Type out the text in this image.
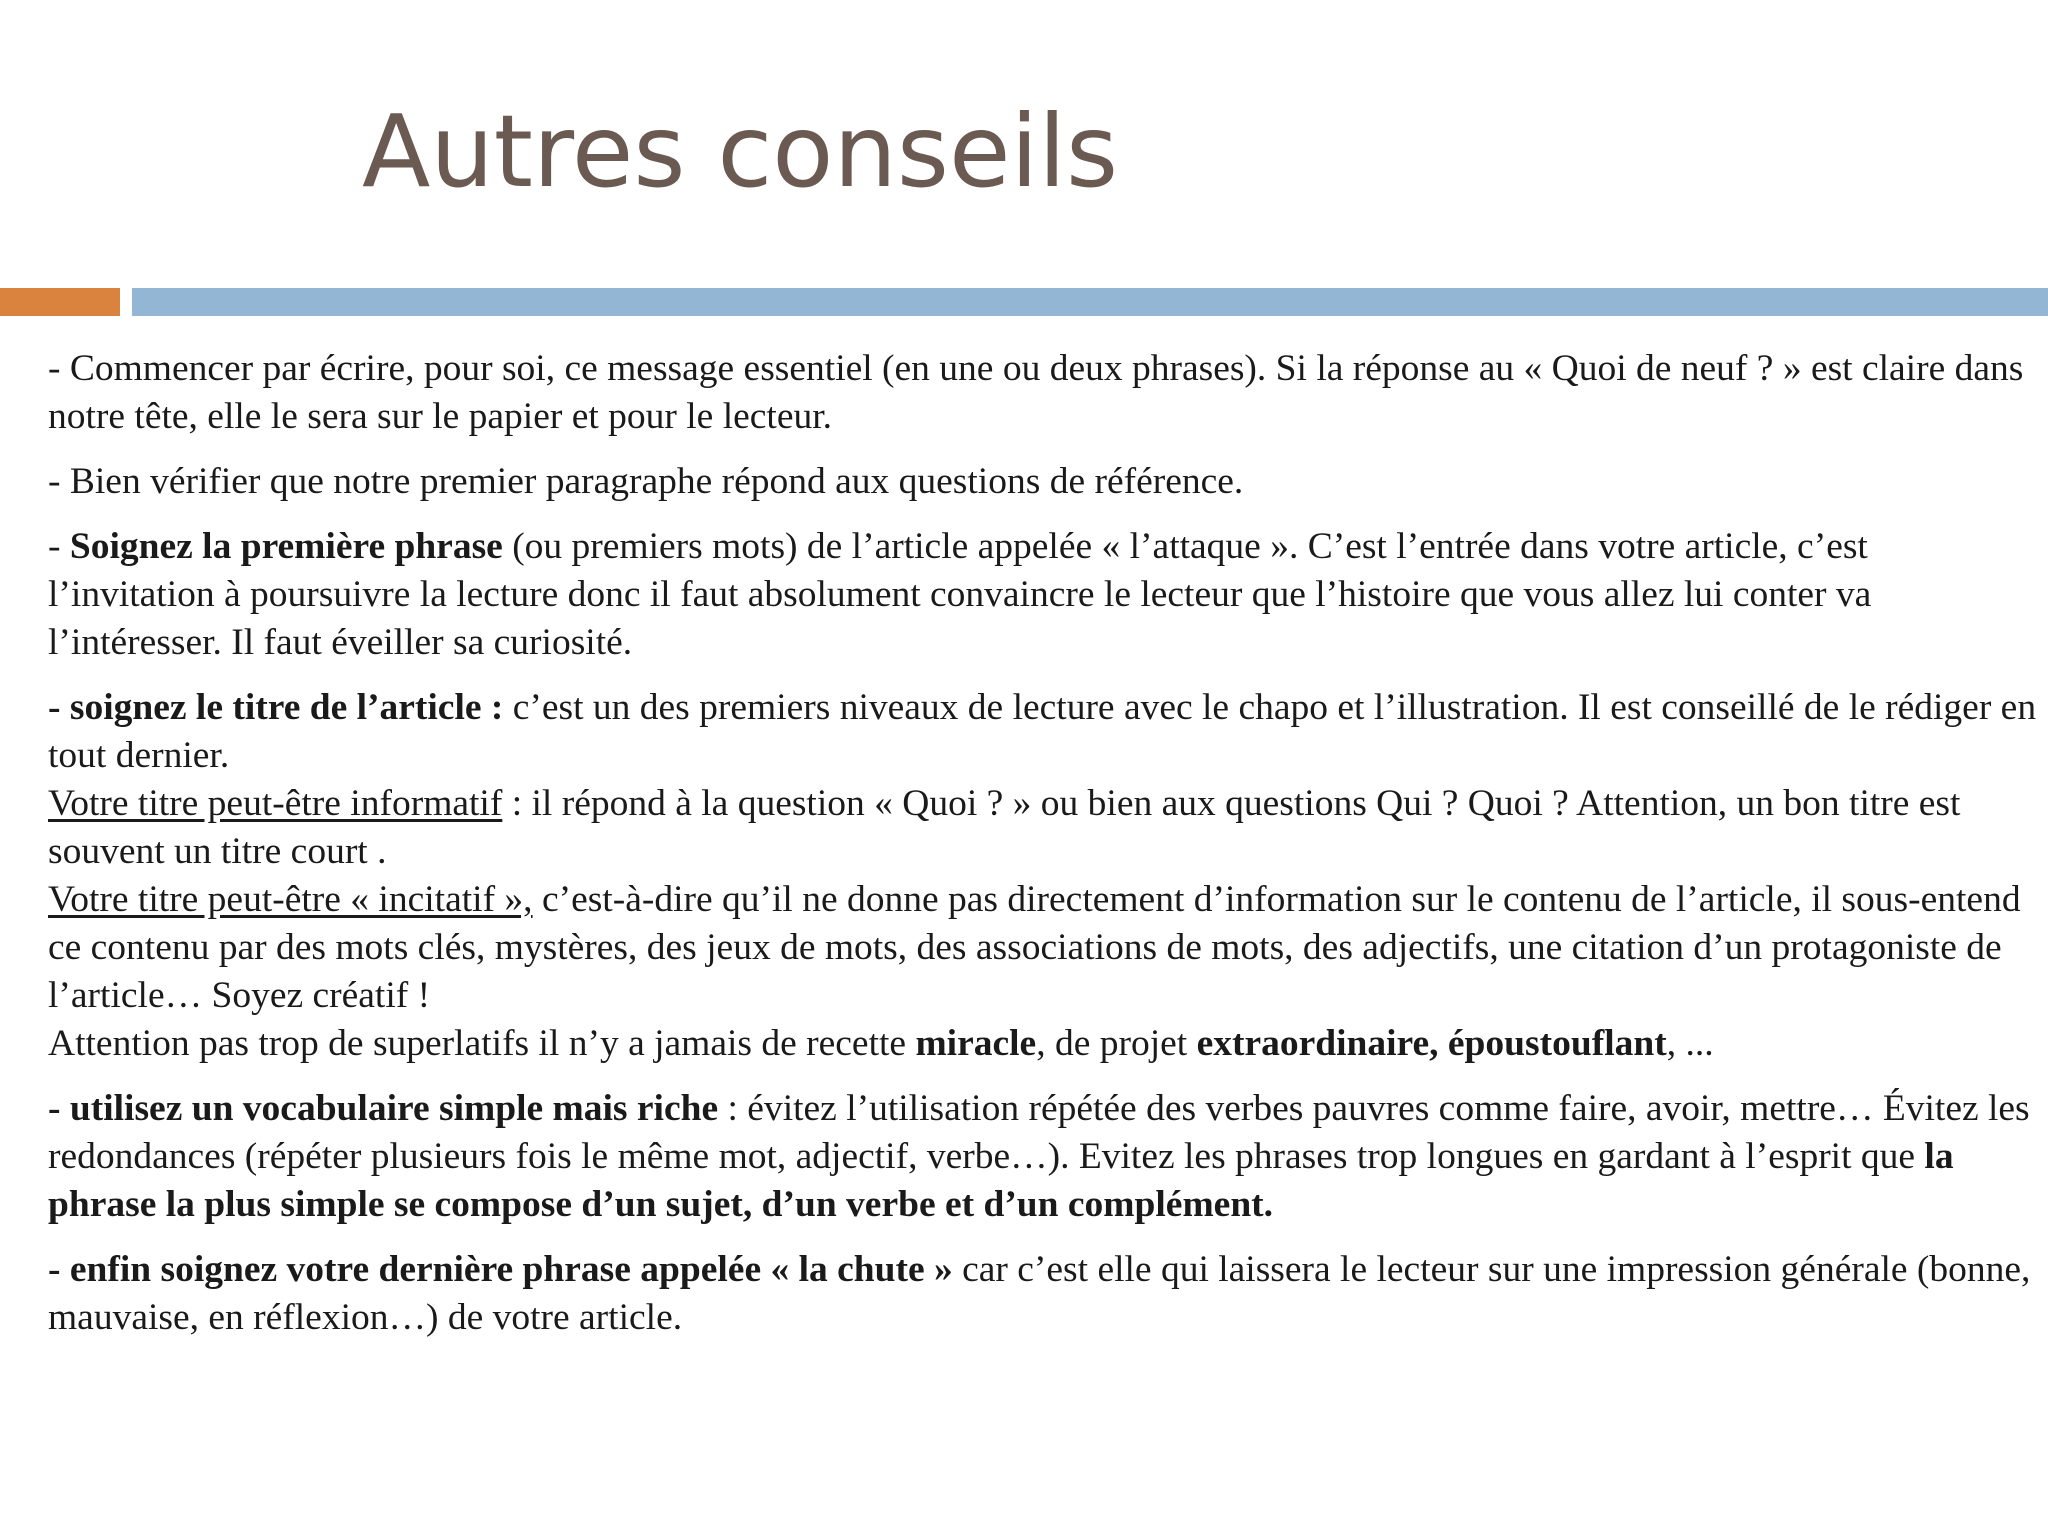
Autres conseils

- Commencer par écrire, pour soi, ce message essentiel (en une ou deux phrases). Si la réponse au « Quoi de neuf ? » est claire dans notre tête, elle le sera sur le papier et pour le lecteur.

- Bien vérifier que notre premier paragraphe répond aux questions de référence.

- Soignez la première phrase (ou premiers mots) de l’article appelée « l’attaque ». C’est l’entrée dans votre article, c’est l’invitation à poursuivre la lecture donc il faut absolument convaincre le lecteur que l’histoire que vous allez lui conter va l’intéresser. Il faut éveiller sa curiosité.

- soignez le titre de l’article : c’est un des premiers niveaux de lecture avec le chapo et l’illustration. Il est conseillé de le rédiger en tout dernier.

Votre titre peut-être informatif : il répond à la question « Quoi ? » ou bien aux questions Qui ? Quoi ? Attention, un bon titre est souvent un titre court .

Votre titre peut-être « incitatif », c’est-à-dire qu’il ne donne pas directement d’information sur le contenu de l’article, il sous-entend ce contenu par des mots clés, mystères, des jeux de mots, des associations de mots, des adjectifs, une citation d’un protagoniste de l’article… Soyez créatif !

Attention pas trop de superlatifs il n’y a jamais de recette miracle, de projet extraordinaire, époustouflant, ...

- utilisez un vocabulaire simple mais riche : évitez l’utilisation répétée des verbes pauvres comme faire, avoir, mettre… Évitez les redondances (répéter plusieurs fois le même mot, adjectif, verbe…). Evitez les phrases trop longues en gardant à l’esprit que la phrase la plus simple se compose d’un sujet, d’un verbe et d’un complément.

- enfin soignez votre dernière phrase appelée « la chute » car c’est elle qui laissera le lecteur sur une impression générale (bonne, mauvaise, en réflexion…) de votre article.
